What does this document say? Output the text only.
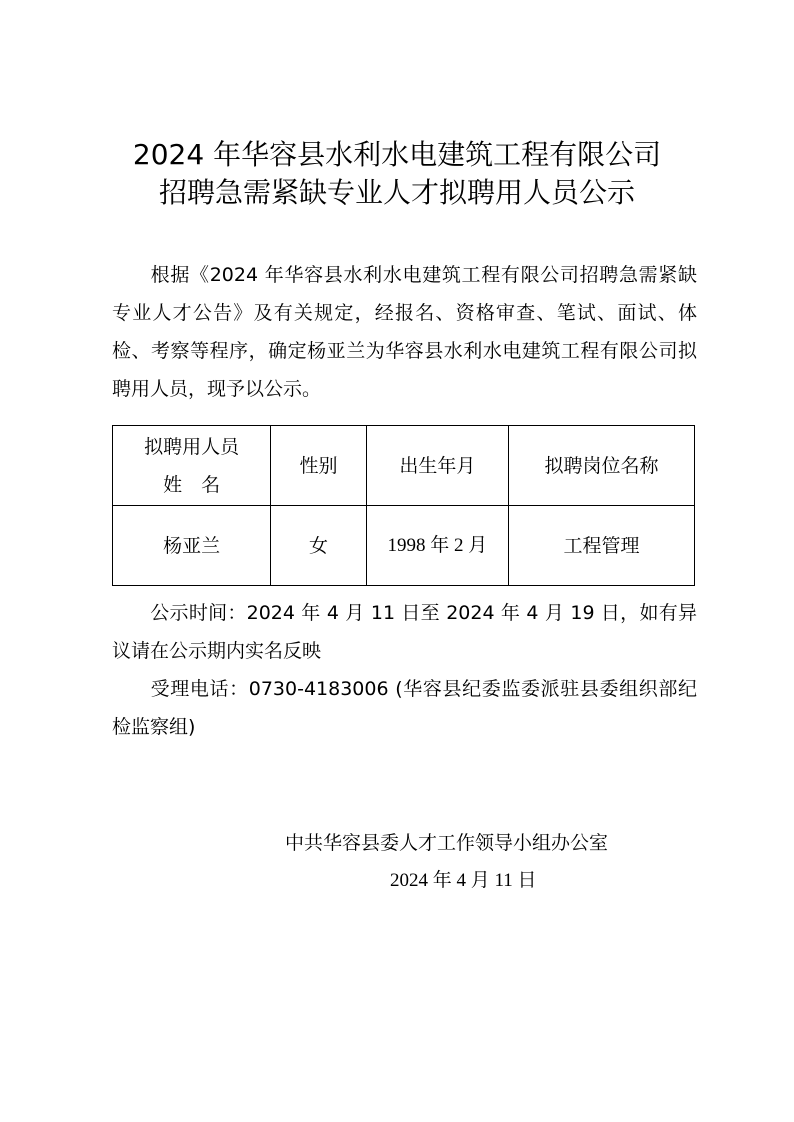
2024 年华容县水利水电建筑工程有限公司
招聘急需紧缺专业人才拟聘用人员公示
根据《2024 年华容县水利水电建筑工程有限公司招聘急需紧缺专业人才公告》及有关规定，经报名、资格审查、笔试、面试、体检、考察等程序，确定杨亚兰为华容县水利水电建筑工程有限公司拟聘用人员，现予以公示。
拟聘用人员
姓　名	性别	出生年月	拟聘岗位名称
杨亚兰	女	1998 年 2 月	工程管理
公示时间：2024 年 4 月 11 日至 2024 年 4 月 19 日，如有异议请在公示期内实名反映
受理电话：0730-4183006 (华容县纪委监委派驻县委组织部纪检监察组)
中共华容县委人才工作领导小组办公室
2024 年 4 月 11 日
